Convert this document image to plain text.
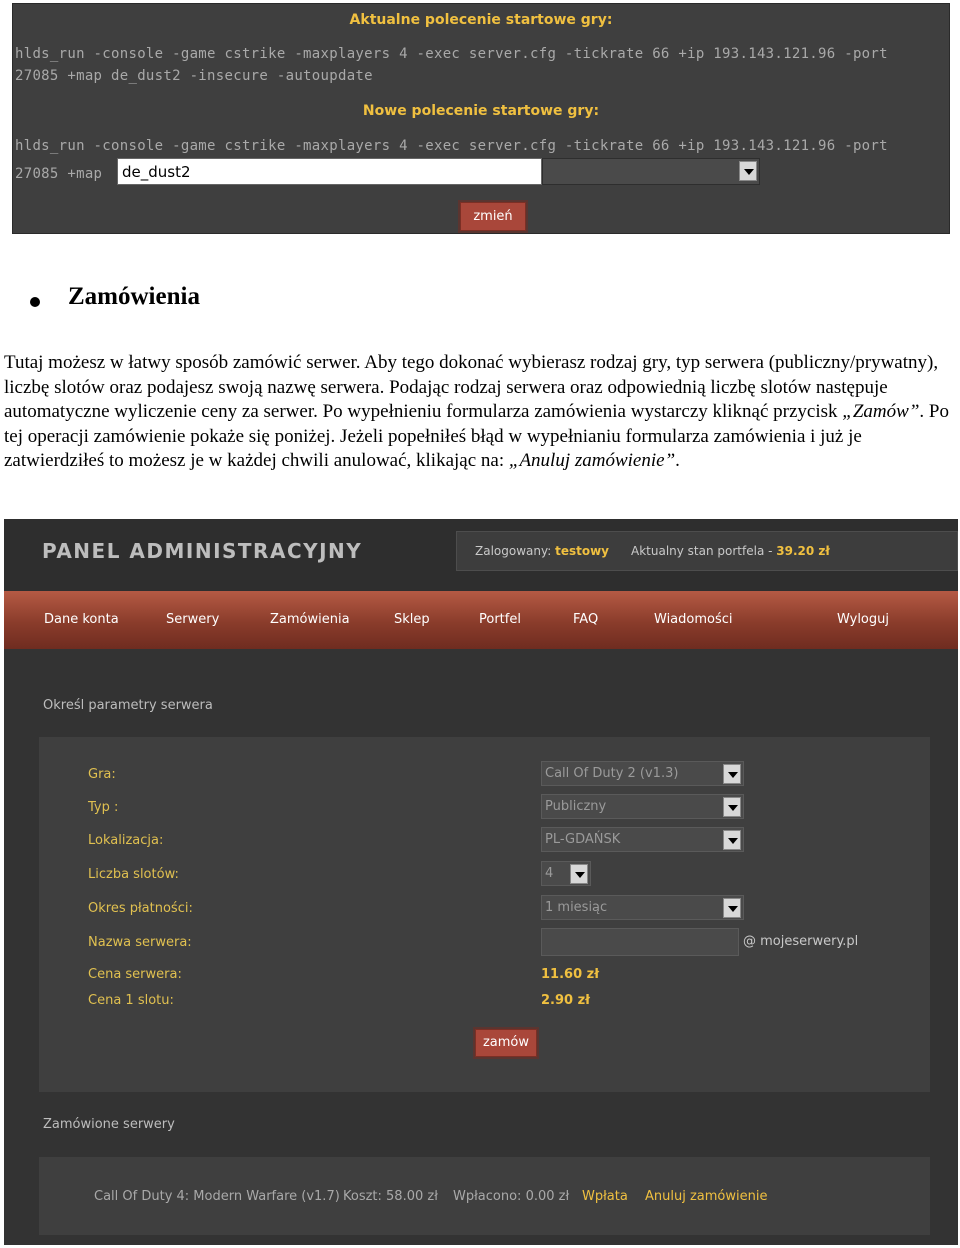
Aktualne polecenie startowe gry:
hlds_run -console -game cstrike -maxplayers 4 -exec server.cfg -tickrate 66 +ip 193.143.121.96 -port
27085 +map de_dust2 -insecure -autoupdate
Nowe polecenie startowe gry:
hlds_run -console -game cstrike -maxplayers 4 -exec server.cfg -tickrate 66 +ip 193.143.121.96 -port
27085 +map
de_dust2
zmień
Zamówienia

Tutaj możesz w łatwy sposób zamówić serwer. Aby tego dokonać wybierasz rodzaj gry, typ serwera (publiczny/prywatny), liczbę slotów oraz podajesz swoją nazwę serwera. Podając rodzaj serwera oraz odpowiednią liczbę slotów następuje automatyczne wyliczenie ceny za serwer. Po wypełnieniu formularza zamówienia wystarczy kliknąć przycisk „Zamów”. Po tej operacji zamówienie pokaże się poniżej. Jeżeli popełniłeś błąd w wypełnianiu formularza zamówienia i już je zatwierdziłeś to możesz je w każdej chwili anulować, klikając na: „Anuluj zamówienie”.

PANEL ADMINISTRACYJNY	Zalogowany: testowy Aktualny stan portfela - 39.20 zł
Dane konta	Serwery	Zamówienia	Sklep	Portfel	FAQ	Wiadomości	Wyloguj
Określ parametry serwera
Gra:	Call Of Duty 2 (v1.3)
Typ :	Publiczny
Lokalizacja:	PL-GDAŃSK
Liczba slotów:	4
Okres płatności:	1 miesiąc
Nazwa serwera:	@ mojeserwery.pl
Cena serwera:	11.60 zł
Cena 1 slotu:	2.90 zł
zamów
Zamówione serwery
Call Of Duty 4: Modern Warfare (v1.7) Koszt: 58.00 zł Wpłacono: 0.00 zł Wpłata Anuluj zamówienie
